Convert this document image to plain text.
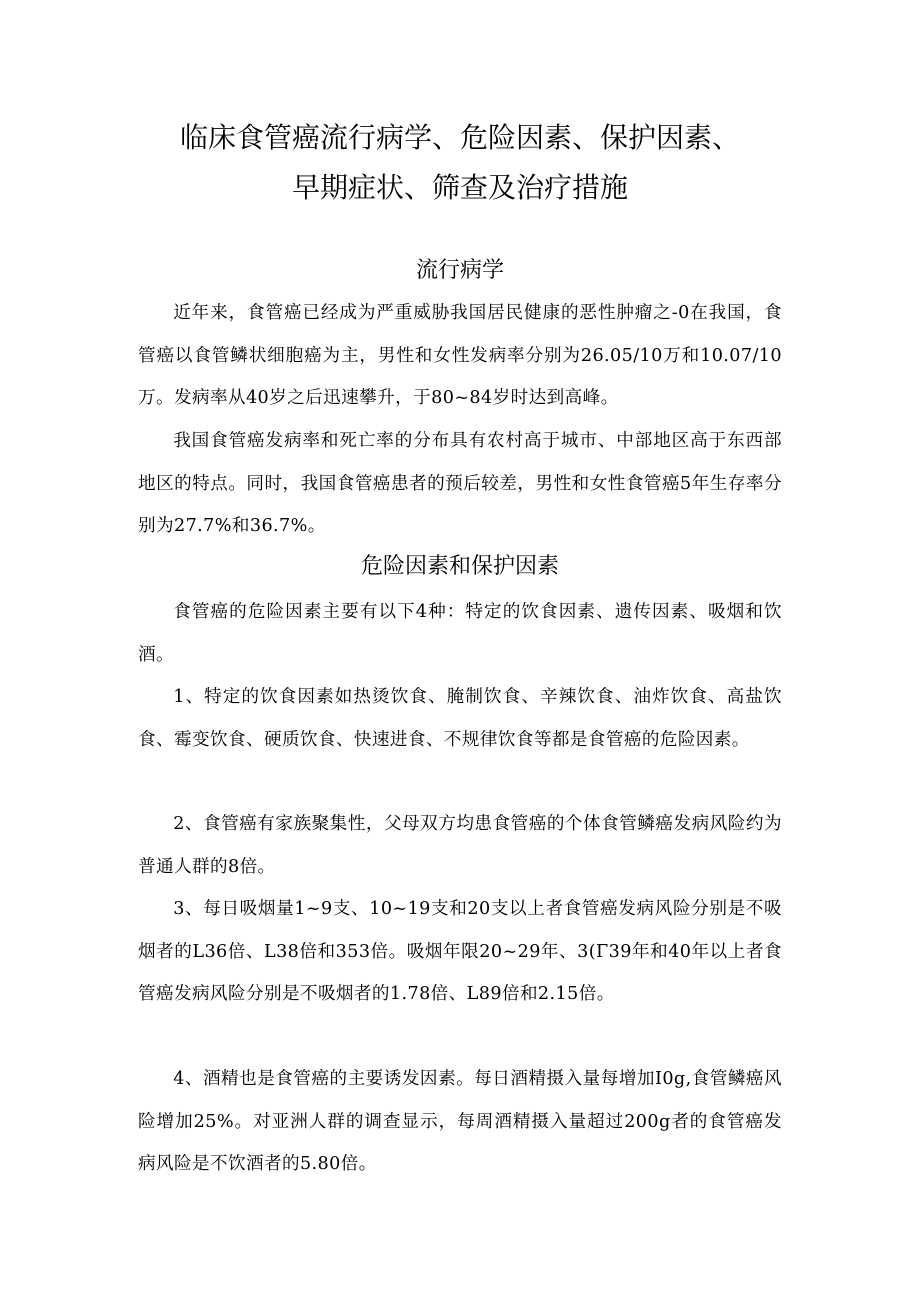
临床食管癌流行病学、危险因素、保护因素、
早期症状、筛查及治疗措施
流行病学

近年来，食管癌已经成为严重威胁我国居民健康的恶性肿瘤之-0在我国，食管癌以食管鳞状细胞癌为主，男性和女性发病率分别为26.05/10万和10.07/10万。发病率从40岁之后迅速攀升，于80~84岁时达到高峰。

我国食管癌发病率和死亡率的分布具有农村高于城市、中部地区高于东西部地区的特点。同时，我国食管癌患者的预后较差，男性和女性食管癌5年生存率分别为27.7%和36.7%。

危险因素和保护因素

食管癌的危险因素主要有以下4种：特定的饮食因素、遗传因素、吸烟和饮酒。

1、特定的饮食因素如热烫饮食、腌制饮食、辛辣饮食、油炸饮食、高盐饮食、霉变饮食、硬质饮食、快速进食、不规律饮食等都是食管癌的危险因素。

2、食管癌有家族聚集性，父母双方均患食管癌的个体食管鳞癌发病风险约为普通人群的8倍。

3、每日吸烟量1~9支、10~19支和20支以上者食管癌发病风险分别是不吸烟者的L36倍、L38倍和353倍。吸烟年限20~29年、3(Γ39年和40年以上者食管癌发病风险分别是不吸烟者的1.78倍、L89倍和2.15倍。

4、酒精也是食管癌的主要诱发因素。每日酒精摄入量每增加I0g,食管鳞癌风险增加25%。对亚洲人群的调查显示，每周酒精摄入量超过200g者的食管癌发病风险是不饮酒者的5.80倍。
